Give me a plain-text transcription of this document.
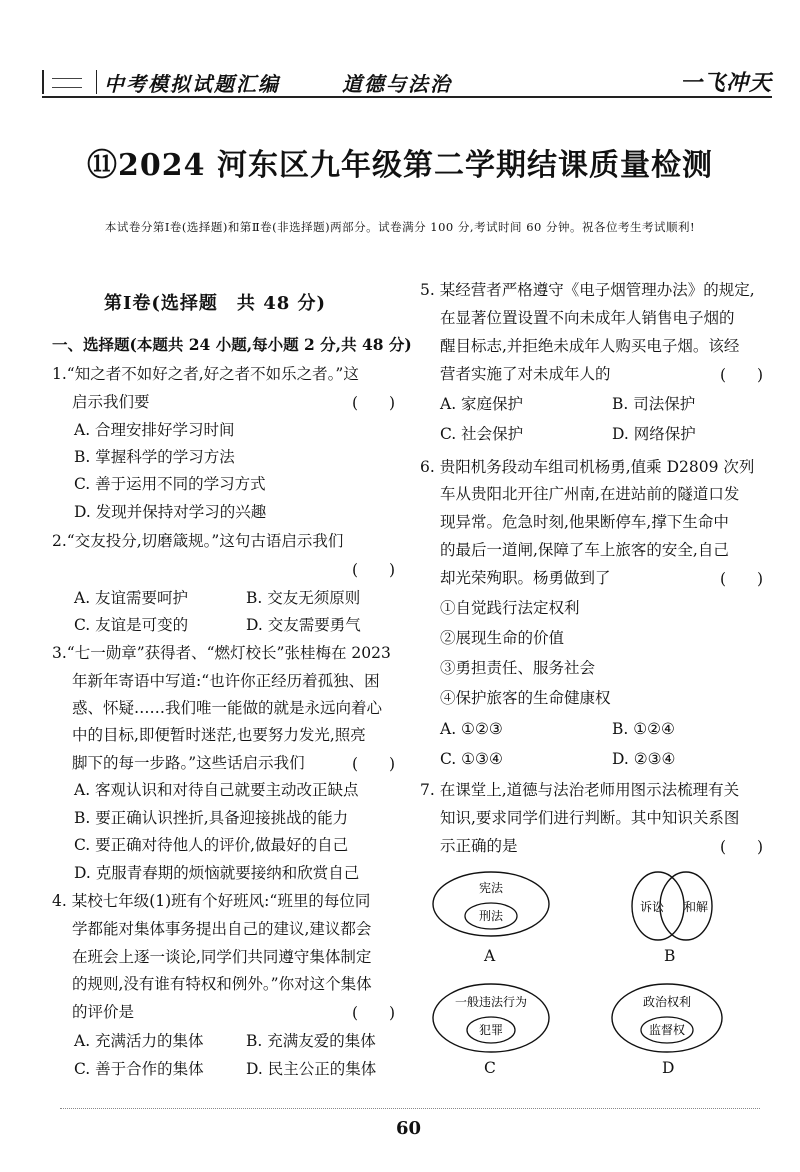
中考模拟试题汇编	道德与法治	一飞冲天
⑪2024 河东区九年级第二学期结课质量检测
本试卷分第Ⅰ卷(选择题)和第Ⅱ卷(非选择题)两部分。试卷满分 100 分,考试时间 60 分钟。祝各位考生考试顺利!
第Ⅰ卷(选择题　共 48 分)
一、选择题(本题共 24 小题,每小题 2 分,共 48 分)
1.“知之者不如好之者,好之者不如乐之者。”这
启示我们要	(　　)
A. 合理安排好学习时间
B. 掌握科学的学习方法
C. 善于运用不同的学习方式
D. 发现并保持对学习的兴趣
2.“交友投分,切磨箴规。”这句古语启示我们
(　　)
A. 友谊需要呵护	B. 交友无须原则
C. 友谊是可变的	D. 交友需要勇气
3.“七一勋章”获得者、“燃灯校长”张桂梅在 2023
年新年寄语中写道:“也许你正经历着孤独、困
惑、怀疑……我们唯一能做的就是永远向着心
中的目标,即便暂时迷茫,也要努力发光,照亮
脚下的每一步路。”这些话启示我们	(　　)
A. 客观认识和对待自己就要主动改正缺点
B. 要正确认识挫折,具备迎接挑战的能力
C. 要正确对待他人的评价,做最好的自己
D. 克服青春期的烦恼就要接纳和欣赏自己
4. 某校七年级(1)班有个好班风:“班里的每位同
学都能对集体事务提出自己的建议,建议都会
在班会上逐一谈论,同学们共同遵守集体制定
的规则,没有谁有特权和例外。”你对这个集体
的评价是	(　　)
A. 充满活力的集体	B. 充满友爱的集体
C. 善于合作的集体	D. 民主公正的集体
5. 某经营者严格遵守《电子烟管理办法》的规定,
在显著位置设置不向未成年人销售电子烟的
醒目标志,并拒绝未成年人购买电子烟。该经
营者实施了对未成年人的	(　　)
A. 家庭保护	B. 司法保护
C. 社会保护	D. 网络保护
6. 贵阳机务段动车组司机杨勇,值乘 D2809 次列
车从贵阳北开往广州南,在进站前的隧道口发
现异常。危急时刻,他果断停车,撑下生命中
的最后一道闸,保障了车上旅客的安全,自己
却光荣殉职。杨勇做到了	(　　)
①自觉践行法定权利
②展现生命的价值
③勇担责任、服务社会
④保护旅客的生命健康权
A. ①②③	B. ①②④
C. ①③④	D. ②③④
7. 在课堂上,道德与法治老师用图示法梳理有关
知识,要求同学们进行判断。其中知识关系图
示正确的是	(　　)
宪法
刑法
A
诉讼 和解
B
一般违法行为
犯罪
C
政治权利
监督权
D
60
